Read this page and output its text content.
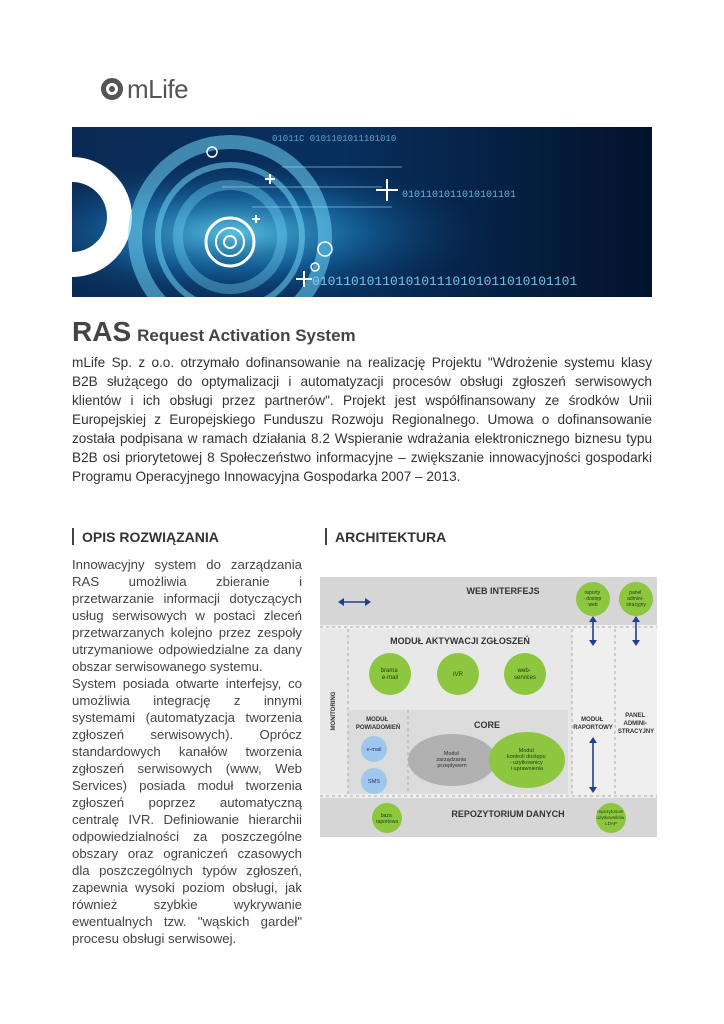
mLife
01011C 0101101011101010
0101101011010101101
0101101011010101110101011010101101
RAS Request Activation System

mLife Sp. z o.o. otrzymało dofinansowanie na realizację Projektu "Wdrożenie systemu klasy B2B służącego do optymalizacji i automatyzacji procesów obsługi zgłoszeń serwisowych klientów i ich obsługi przez partnerów". Projekt jest współfinansowany ze środków Unii Europejskiej z Europejskiego Funduszu Rozwoju Regionalnego. Umowa o dofinansowanie została podpisana w ramach działania 8.2 Wspieranie wdrażania elektronicznego biznesu typu B2B osi priorytetowej 8 Społeczeństwo informacyjne – zwiększanie innowacyjności gospodarki Programu Operacyjnego Innowacyjna Gospodarka 2007 – 2013.

OPIS ROZWIĄZANIA	ARCHITEKTURA

Innowacyjny system do zarządzania RAS umożliwia zbieranie i przetwarzanie informacji dotyczących usług serwisowych w postaci zleceń przetwarzanych kolejno przez zespoły utrzymaniowe odpowiedzialne za dany obszar serwisowanego systemu.

System posiada otwarte interfejsy, co umożliwia integrację z innymi systemami (automatyzacja tworzenia zgłoszeń serwisowych). Oprócz standardowych kanałów tworzenia zgłoszeń serwisowych (www, Web Services) posiada moduł tworzenia zgłoszeń poprzez automatyczną centralę IVR. Definiowanie hierarchii odpowiedzialności za poszczególne obszary oraz ograniczeń czasowych dla poszczególnych typów zgłoszeń, zapewnia wysoki poziom obsługi, jak również szybkie wykrywanie ewentualnych tzw. "wąskich gardeł" procesu obsługi serwisowej.

WEB INTERFEJS
MODUŁ AKTYWACJI ZGŁOSZEŃ
CORE
REPOZYTORIUM DANYCH
MONITORING	MODUŁ POWIADOMIEŃ
MODUŁ RAPORTOWY
PANEL ADMINI- STRACYJNY
raporty - dostęp web
panel admini- stracyjny
brama e-mail	IVR
web- services
e-mail
SMS
Moduł zarządzania przepływem
Moduł kontroli dostępu - użytkownicy i uprawnienia
baza raportowa
repozytorium użytkowników LDAP
